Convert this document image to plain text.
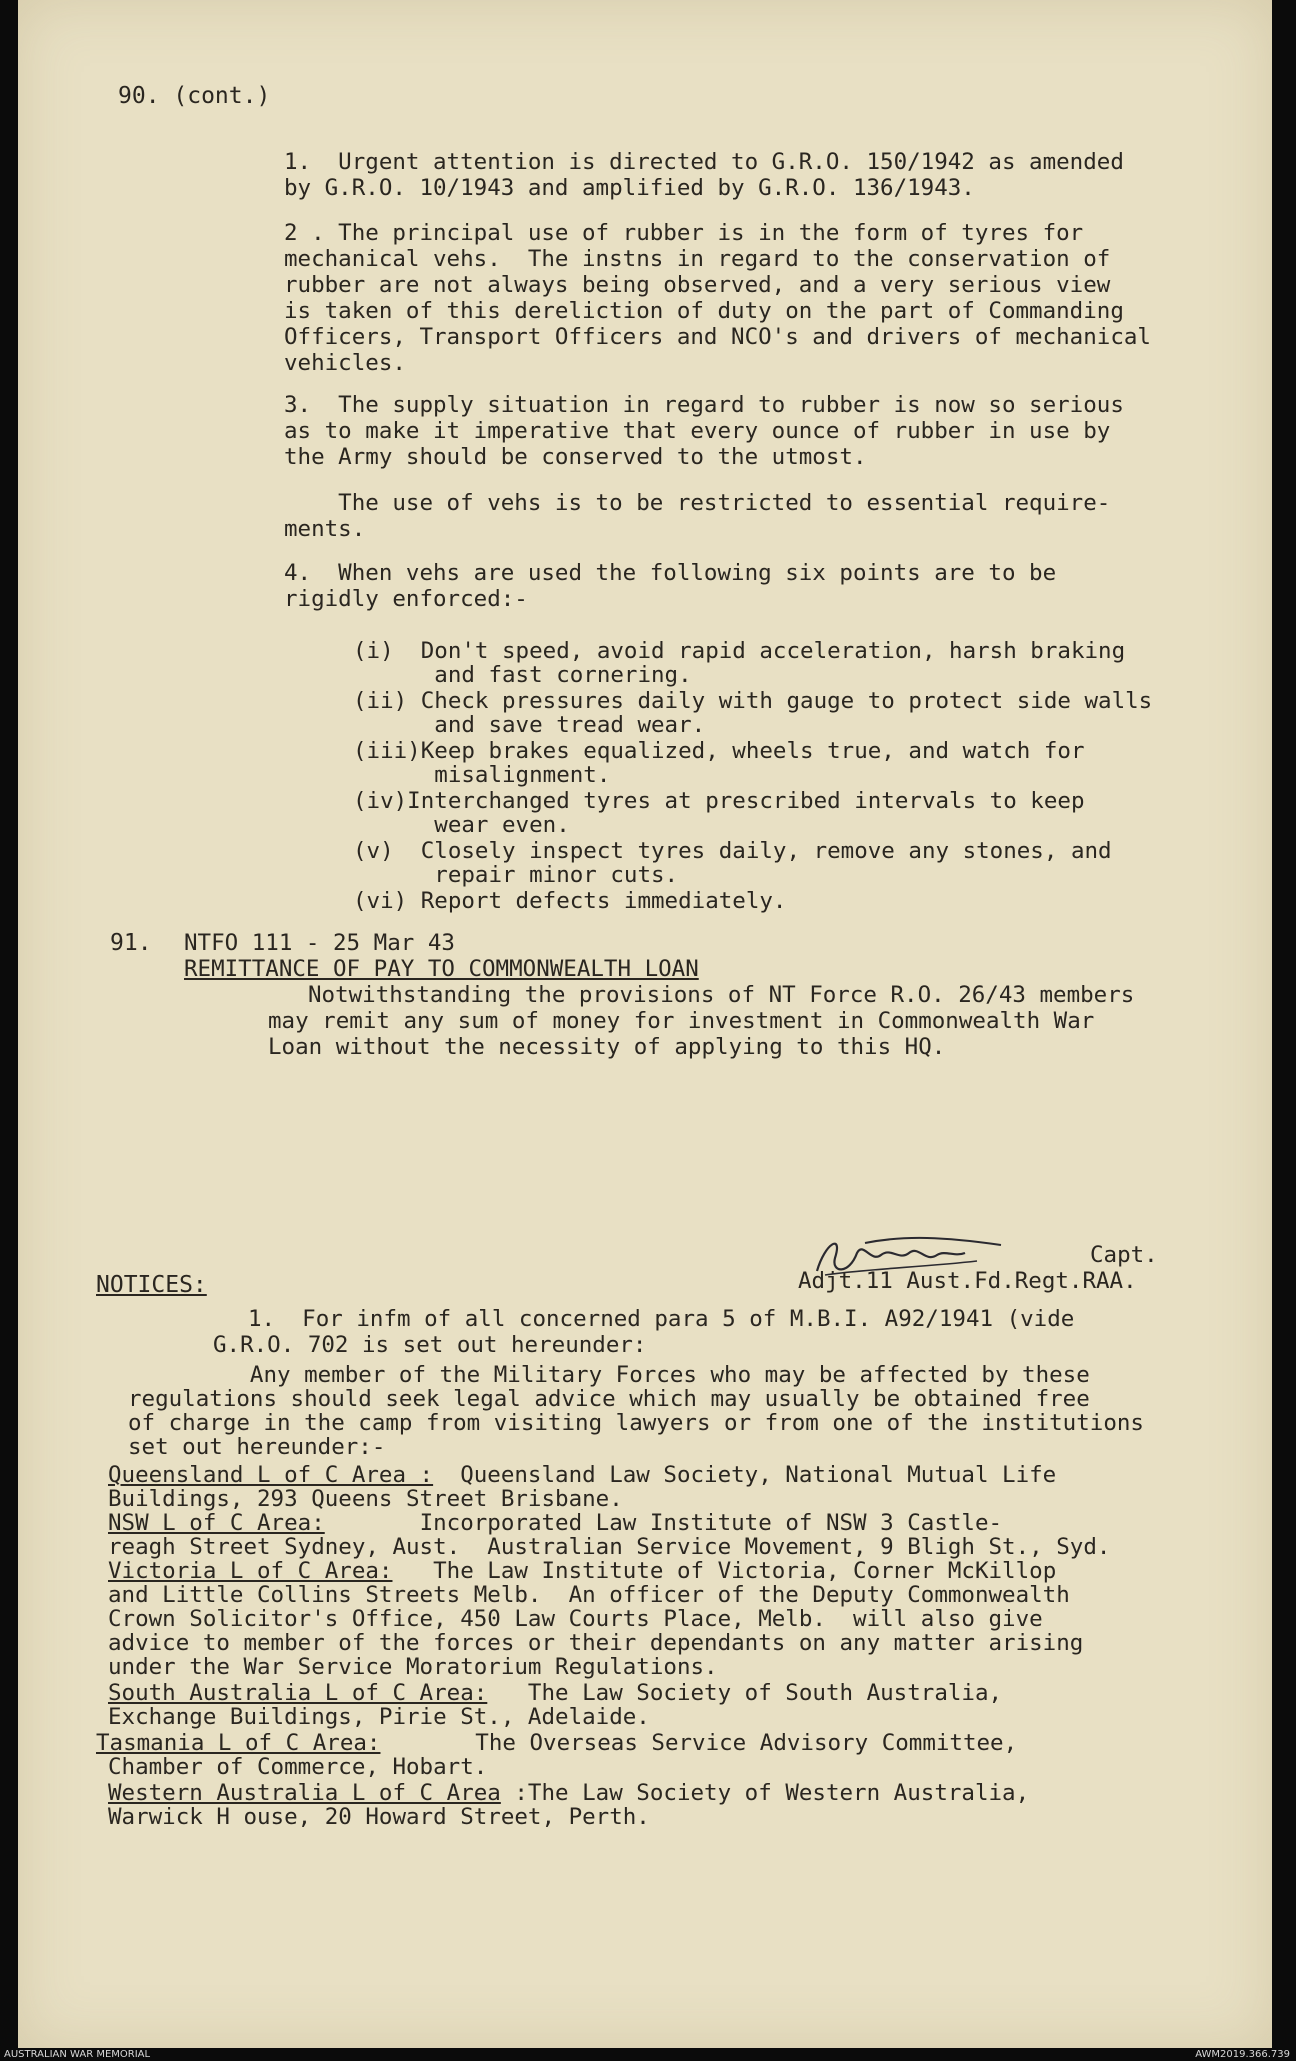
90. (cont.)
1.  Urgent attention is directed to G.R.O. 150/1942 as amended
by G.R.O. 10/1943 and amplified by G.R.O. 136/1943.
2 . The principal use of rubber is in the form of tyres for
mechanical vehs.  The instns in regard to the conservation of
rubber are not always being observed, and a very serious view
is taken of this dereliction of duty on the part of Commanding
Officers, Transport Officers and NCO's and drivers of mechanical
vehicles.
3.  The supply situation in regard to rubber is now so serious
as to make it imperative that every ounce of rubber in use by
the Army should be conserved to the utmost.
The use of vehs is to be restricted to essential require-
ments.
4.  When vehs are used the following six points are to be
rigidly enforced:-
(i)  Don't speed, avoid rapid acceleration, harsh braking
and fast cornering.
(ii) Check pressures daily with gauge to protect side walls
and save tread wear.
(iii)Keep brakes equalized, wheels true, and watch for
misalignment.
(iv)Interchanged tyres at prescribed intervals to keep
wear even.
(v)  Closely inspect tyres daily, remove any stones, and
repair minor cuts.
(vi) Report defects immediately.
91. NTFO 111 - 25 Mar 43
REMITTANCE OF PAY TO COMMONWEALTH LOAN
Notwithstanding the provisions of NT Force R.O. 26/43 members
may remit any sum of money for investment in Commonwealth War
Loan without the necessity of applying to this HQ.
Capt.
Adjt.11 Aust.Fd.Regt.RAA.
NOTICES:
1.  For infm of all concerned para 5 of M.B.I. A92/1941 (vide
G.R.O. 702 is set out hereunder:
Any member of the Military Forces who may be affected by these
regulations should seek legal advice which may usually be obtained free
of charge in the camp from visiting lawyers or from one of the institutions
set out hereunder:-
Queensland L of C Area :  Queensland Law Society, National Mutual Life
Buildings, 293 Queens Street Brisbane.
NSW L of C Area:       Incorporated Law Institute of NSW 3 Castle-
reagh Street Sydney, Aust.  Australian Service Movement, 9 Bligh St., Syd.
Victoria L of C Area:   The Law Institute of Victoria, Corner McKillop
and Little Collins Streets Melb.  An officer of the Deputy Commonwealth
Crown Solicitor's Office, 450 Law Courts Place, Melb.  will also give
advice to member of the forces or their dependants on any matter arising
under the War Service Moratorium Regulations.
South Australia L of C Area:   The Law Society of South Australia,
Exchange Buildings, Pirie St., Adelaide.
Tasmania L of C Area:       The Overseas Service Advisory Committee,
Chamber of Commerce, Hobart.
Western Australia L of C Area :The Law Society of Western Australia,
Warwick H ouse, 20 Howard Street, Perth.
AUSTRALIAN WAR MEMORIAL	AWM2019.366.739
